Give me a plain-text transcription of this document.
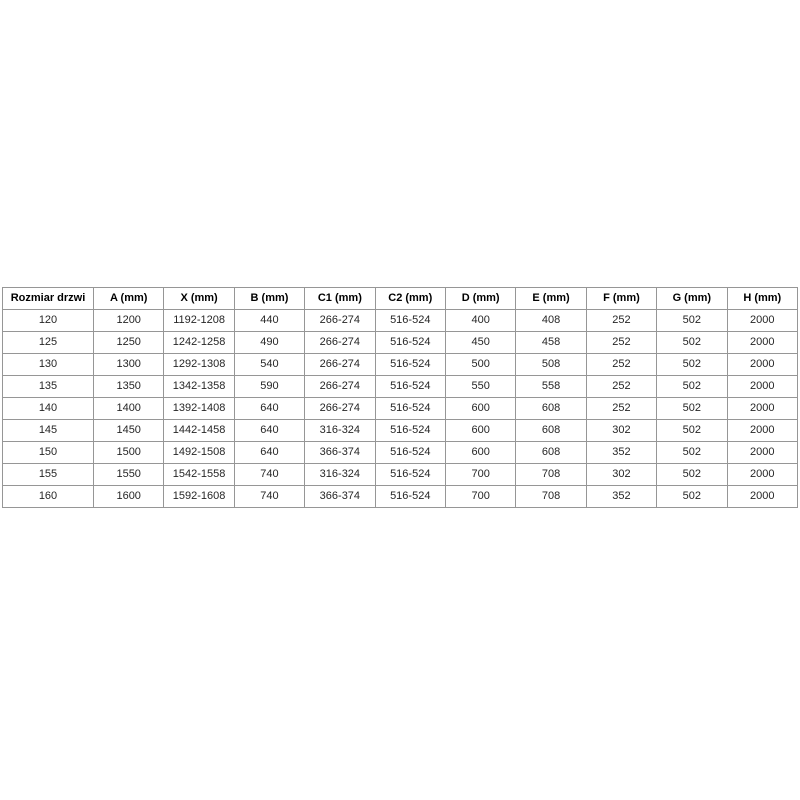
Rozmiar drzwi	A (mm)	X (mm)	B (mm)	C1 (mm)	C2 (mm)	D (mm)	E (mm)	F (mm)	G (mm)	H (mm)
120	1200	1192-1208	440	266-274	516-524	400	408	252	502	2000
125	1250	1242-1258	490	266-274	516-524	450	458	252	502	2000
130	1300	1292-1308	540	266-274	516-524	500	508	252	502	2000
135	1350	1342-1358	590	266-274	516-524	550	558	252	502	2000
140	1400	1392-1408	640	266-274	516-524	600	608	252	502	2000
145	1450	1442-1458	640	316-324	516-524	600	608	302	502	2000
150	1500	1492-1508	640	366-374	516-524	600	608	352	502	2000
155	1550	1542-1558	740	316-324	516-524	700	708	302	502	2000
160	1600	1592-1608	740	366-374	516-524	700	708	352	502	2000
